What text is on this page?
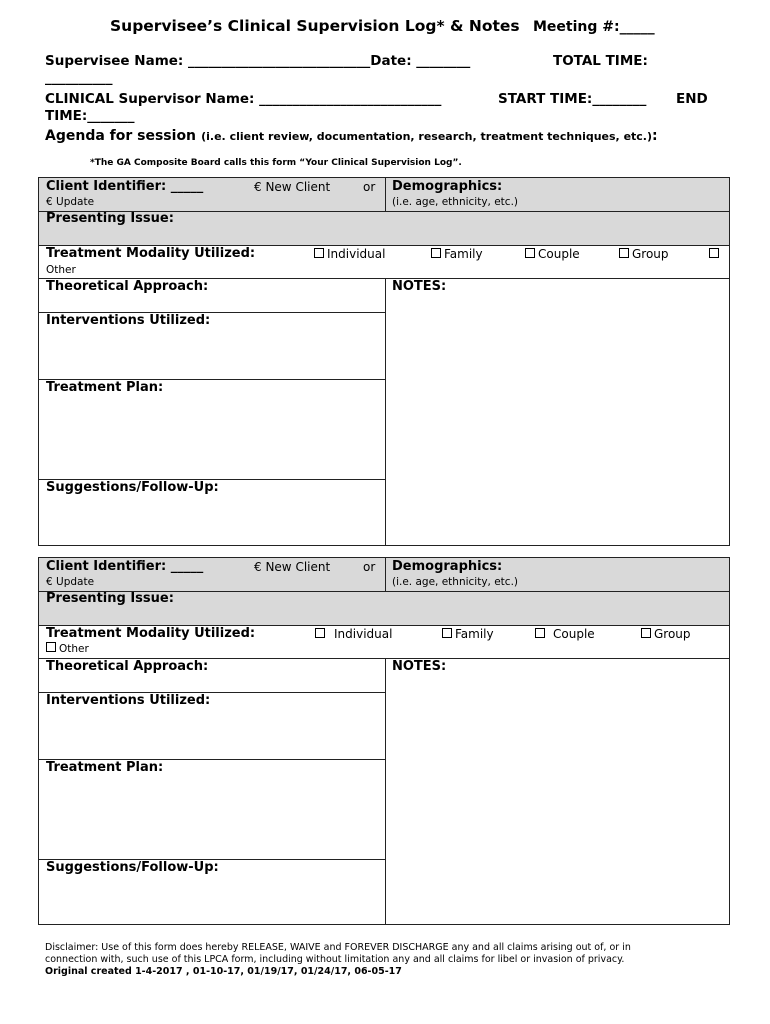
Supervisee’s Clinical Supervision Log* & Notes Meeting #:_____
Supervisee Name: ___________________________Date: ________	TOTAL TIME:
__________
CLINICAL Supervisor Name: ___________________________	START TIME:________ END
TIME:_______
Agenda for session (i.e. client review, documentation, research, treatment techniques, etc.):
*The GA Composite Board calls this form “Your Clinical Supervision Log”.
Client Identifier: _____	€ New Client	or
€ Update
Demographics:
(i.e. age, ethnicity, etc.)
Presenting Issue:
Treatment Modality Utilized:	Individual	Family	Couple	Group
Other
Theoretical Approach:	NOTES:
Interventions Utilized:
Treatment Plan:
Suggestions/Follow-Up:
Client Identifier: _____	€ New Client	or
€ Update
Demographics:
(i.e. age, ethnicity, etc.)
Presenting Issue:
Treatment Modality Utilized:	Individual	Family	Couple	Group
Other
Theoretical Approach:	NOTES:
Interventions Utilized:
Treatment Plan:
Suggestions/Follow-Up:
Disclaimer: Use of this form does hereby RELEASE, WAIVE and FOREVER DISCHARGE any and all claims arising out of, or in
connection with, such use of this LPCA form, including without limitation any and all claims for libel or invasion of privacy.
Original created 1-4-2017 , 01-10-17, 01/19/17, 01/24/17, 06-05-17
